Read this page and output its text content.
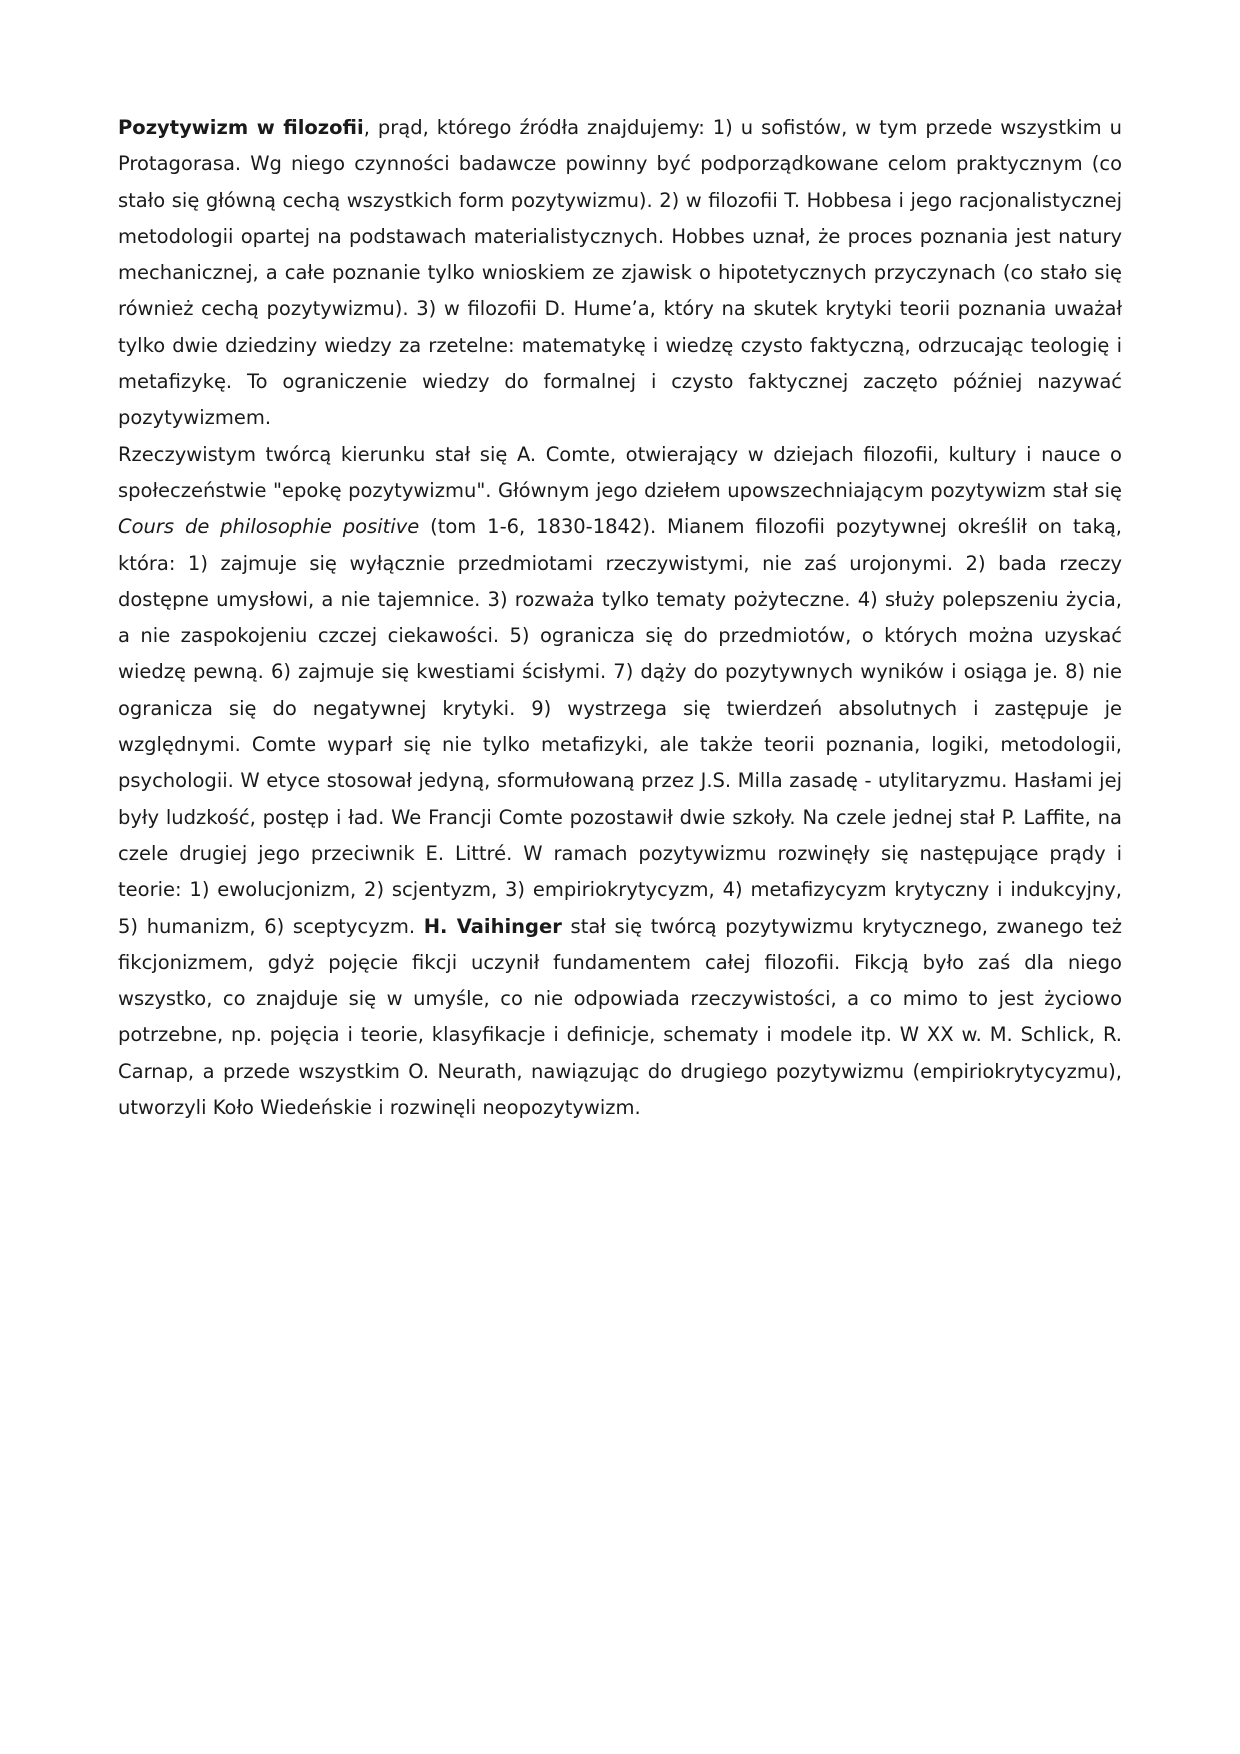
Pozytywizm w filozofii, prąd, którego źródła znajdujemy: 1) u sofistów, w tym przede wszystkim u Protagorasa. Wg niego czynności badawcze powinny być podporządkowane celom praktycznym (co stało się główną cechą wszystkich form pozytywizmu). 2) w filozofii T. Hobbesa i jego racjonalistycznej metodologii opartej na podstawach materialistycznych. Hobbes uznał, że proces poznania jest natury mechanicznej, a całe poznanie tylko wnioskiem ze zjawisk o hipotetycznych przyczynach (co stało się również cechą pozytywizmu). 3) w filozofii D. Hume’a, który na skutek krytyki teorii poznania uważał tylko dwie dziedziny wiedzy za rzetelne: matematykę i wiedzę czysto faktyczną, odrzucając teologię i metafizykę. To ograniczenie wiedzy do formalnej i czysto faktycznej zaczęto później nazywać pozytywizmem.

Rzeczywistym twórcą kierunku stał się A. Comte, otwierający w dziejach filozofii, kultury i nauce o społeczeństwie "epokę pozytywizmu". Głównym jego dziełem upowszechniającym pozytywizm stał się Cours de philosophie positive (tom 1-6, 1830-1842). Mianem filozofii pozytywnej określił on taką, która: 1) zajmuje się wyłącznie przedmiotami rzeczywistymi, nie zaś urojonymi. 2) bada rzeczy dostępne umysłowi, a nie tajemnice. 3) rozważa tylko tematy pożyteczne. 4) służy polepszeniu życia, a nie zaspokojeniu czczej ciekawości. 5) ogranicza się do przedmiotów, o których można uzyskać wiedzę pewną. 6) zajmuje się kwestiami ścisłymi. 7) dąży do pozytywnych wyników i osiąga je. 8) nie ogranicza się do negatywnej krytyki. 9) wystrzega się twierdzeń absolutnych i zastępuje je względnymi. Comte wyparł się nie tylko metafizyki, ale także teorii poznania, logiki, metodologii, psychologii. W etyce stosował jedyną, sformułowaną przez J.S. Milla zasadę - utylitaryzmu. Hasłami jej były ludzkość, postęp i ład. We Francji Comte pozostawił dwie szkoły. Na czele jednej stał P. Laffite, na czele drugiej jego przeciwnik E. Littré. W ramach pozytywizmu rozwinęły się następujące prądy i teorie: 1) ewolucjonizm, 2) scjentyzm, 3) empiriokrytycyzm, 4) metafizycyzm krytyczny i indukcyjny, 5) humanizm, 6) sceptycyzm. H. Vaihinger stał się twórcą pozytywizmu krytycznego, zwanego też fikcjonizmem, gdyż pojęcie fikcji uczynił fundamentem całej filozofii. Fikcją było zaś dla niego wszystko, co znajduje się w umyśle, co nie odpowiada rzeczywistości, a co mimo to jest życiowo potrzebne, np. pojęcia i teorie, klasyfikacje i definicje, schematy i modele itp. W XX w. M. Schlick, R. Carnap, a przede wszystkim O. Neurath, nawiązując do drugiego pozytywizmu (empiriokrytycyzmu), utworzyli Koło Wiedeńskie i rozwinęli neopozytywizm.
